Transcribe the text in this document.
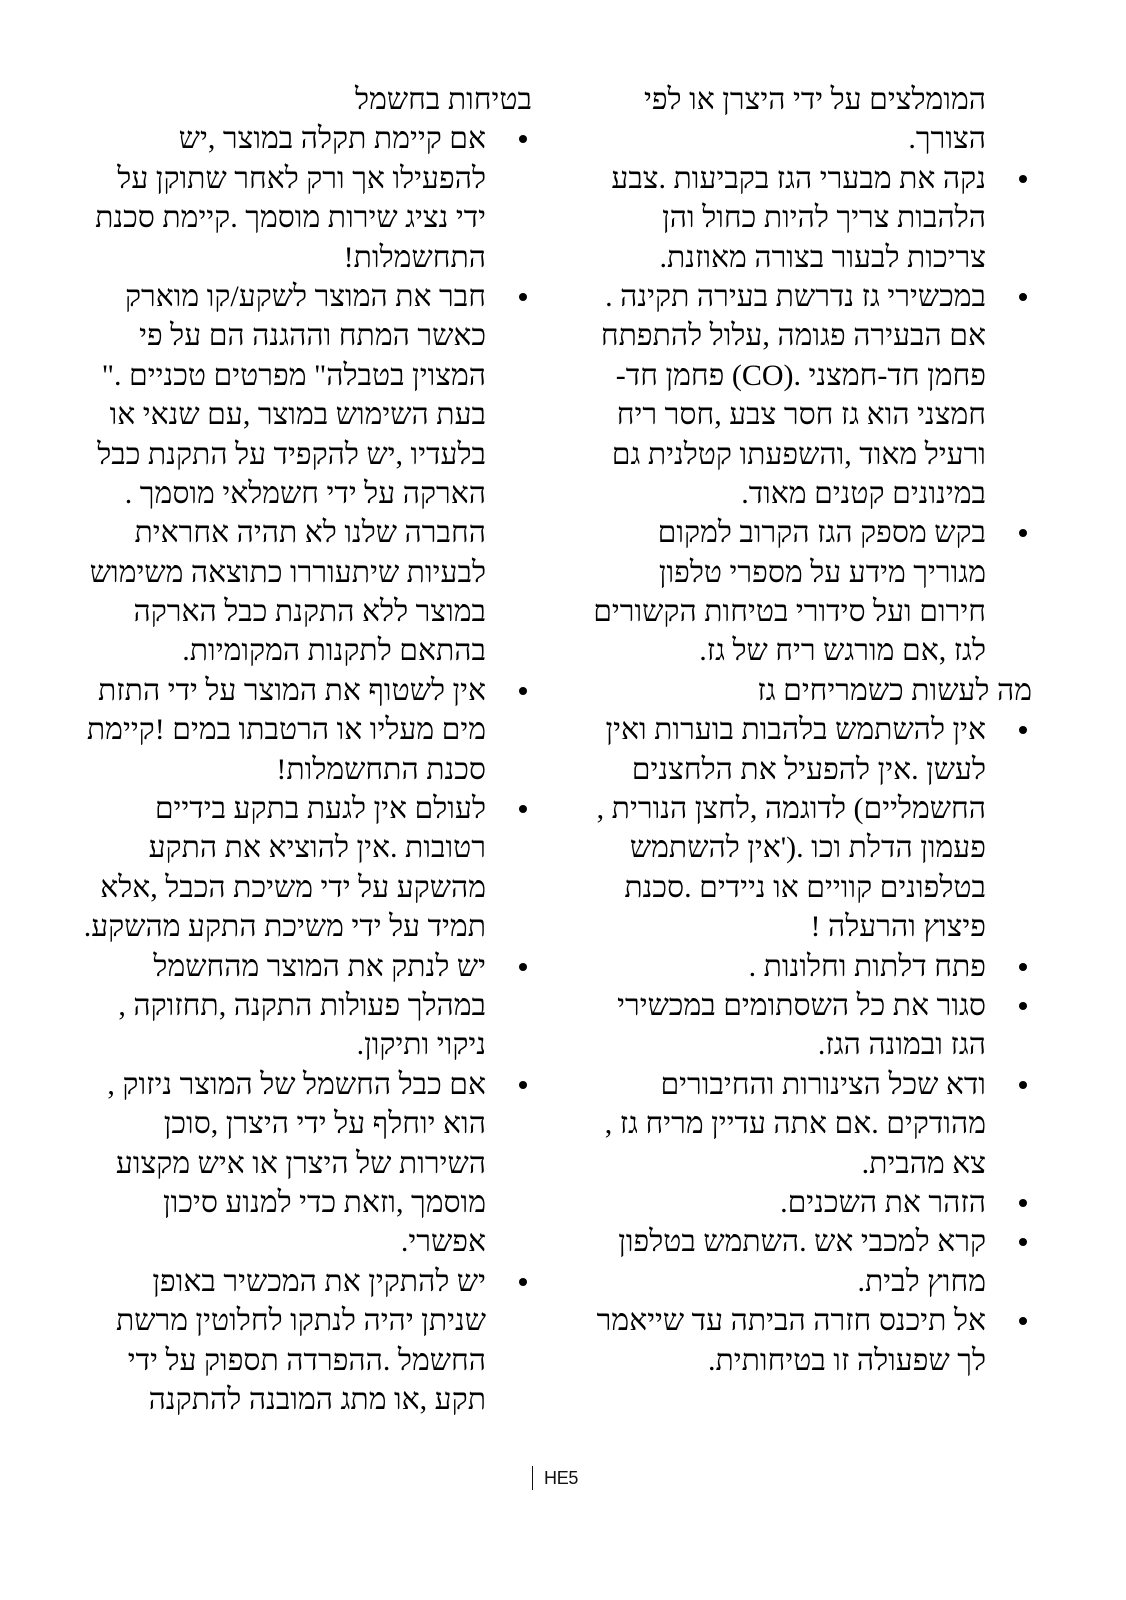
המומלצים על ידי היצרן או לפי
הצורך.
נקה את מבערי הגז בקביעות .צבע
הלהבות צריך להיות כחול והן
צריכות לבעור בצורה מאוזנת.
במכשירי גז נדרשת בעירה תקינה .
אם הבעירה פגומה ,עלול להתפתח
פחמן חד-חמצני .(CO) פחמן חד-
חמצני הוא גז חסר צבע ,חסר ריח
ורעיל מאוד ,והשפעתו קטלנית גם
במינונים קטנים מאוד.
בקש מספק הגז הקרוב למקום
מגוריך מידע על מספרי טלפון
חירום ועל סידורי בטיחות הקשורים
לגז ,אם מורגש ריח של גז.
מה לעשות כשמריחים גז
אין להשתמש בלהבות בוערות ואין
לעשן .אין להפעיל את הלחצנים
החשמליים) לדוגמה ,לחצן הנורית ,
פעמון הדלת וכו .('אין להשתמש
בטלפונים קוויים או ניידים .סכנת
פיצוץ והרעלה !
פתח דלתות וחלונות .
סגור את כל השסתומים במכשירי
הגז ובמונה הגז.
ודא שכל הצינורות והחיבורים
מהודקים .אם אתה עדיין מריח גז ,
צא מהבית.
הזהר את השכנים.
קרא למכבי אש .השתמש בטלפון
מחוץ לבית.
אל תיכנס חזרה הביתה עד שייאמר
לך שפעולה זו בטיחותית.
בטיחות בחשמל
אם קיימת תקלה במוצר ,יש
להפעילו אך ורק לאחר שתוקן על
ידי נציג שירות מוסמך .קיימת סכנת
התחשמלות!
חבר את המוצר לשקע/קו מוארק
כאשר המתח וההגנה הם על פי
המצוין בטבלה" מפרטים טכניים ."
בעת השימוש במוצר ,עם שנאי או
בלעדיו ,יש להקפיד על התקנת כבל
הארקה על ידי חשמלאי מוסמך .
החברה שלנו לא תהיה אחראית
לבעיות שיתעוררו כתוצאה משימוש
במוצר ללא התקנת כבל הארקה
בהתאם לתקנות המקומיות.
אין לשטוף את המוצר על ידי התזת
מים מעליו או הרטבתו במים !קיימת
סכנת התחשמלות!
לעולם אין לגעת בתקע בידיים
רטובות .אין להוציא את התקע
מהשקע על ידי משיכת הכבל ,אלא
תמיד על ידי משיכת התקע מהשקע.
יש לנתק את המוצר מהחשמל
במהלך פעולות התקנה ,תחזוקה ,
ניקוי ותיקון.
אם כבל החשמל של המוצר ניזוק ,
הוא יוחלף על ידי היצרן ,סוכן
השירות של היצרן או איש מקצוע
מוסמך ,וזאת כדי למנוע סיכון
אפשרי.
יש להתקין את המכשיר באופן
שניתן יהיה לנתקו לחלוטין מרשת
החשמל .ההפרדה תספוק על ידי
תקע ,או מתג המובנה להתקנה
HE5
